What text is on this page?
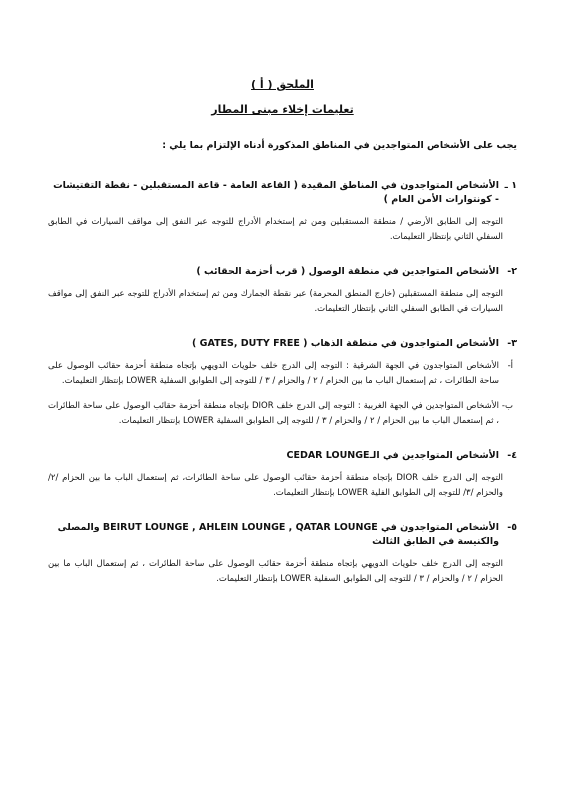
الملحق ( أ )
تعليمات إخلاء مبنى المطار
يجب على الأشخاص المتواجدين في المناطق المذكورة أدناه الإلتزام بما يلي :
١ ـ
الأشخاص المتواجدون في المناطق المقيدة ( القاعة العامة - قاعة المستقبلين - نقطة التفتيشات - كونتوارات الأمن العام )

التوجه إلى الطابق الأرضي / منطقة المستقبلين ومن ثم إستخدام الأدراج للتوجه عبر النفق إلى مواقف السيارات في الطابق السفلي الثاني بإنتظار التعليمات.

٢-
الأشخاص المتواجدين في منطقة الوصول ( قرب أحزمة الحقائب )

التوجه إلى منطقة المستقبلين (خارج المنطق المحرمة) عبر نقطة الجمارك ومن ثم إستخدام الأدراج للتوجه عبر النفق إلى مواقف السيارات في الطابق السفلي الثاني بإنتظار التعليمات.

٣-
الأشخاص المتواجدون في منطقة الذهاب ( GATES, DUTY FREE )
أ-
الأشخاص المتواجدون في الجهة الشرقية : التوجه إلى الدرج خلف حلويات الدويهي بإتجاه منطقة أحزمة حقائب الوصول على ساحة الطائرات ، ثم إستعمال الباب ما بين الحزام / ٢ / والحزام / ٣ / للتوجه إلى الطوابق السفلية LOWER بإنتظار التعليمات.
ب-
الأشخاص المتواجدين في الجهة الغربية : التوجه إلى الدرج خلف DIOR بإتجاه منطقة أحزمة حقائب الوصول على ساحة الطائرات ، ثم إستعمال الباب ما بين الحزام / ٢ / والحزام / ٣ / للتوجه إلى الطوابق السفلية LOWER بإنتظار التعليمات.
٤-
الأشخاص المتواجدين في الـCEDAR LOUNGE

التوجه إلى الدرج خلف DIOR بإتجاه منطقة أحزمة حقائب الوصول على ساحة الطائرات، ثم إستعمال الباب ما بين الحزام /٢/ والحزام /٣/ للتوجه إلى الطوابق الفلية LOWER بإنتظار التعليمات.

٥-
الأشخاص المتواجدون في BEIRUT LOUNGE , AHLEIN LOUNGE , QATAR LOUNGE والمصلى والكنيسة في الطابق الثالث

التوجه إلى الدرج خلف حلويات الدويهي بإتجاه منطقة أحزمة حقائب الوصول على ساحة الطائرات ، ثم إستعمال الباب ما بين الحزام / ٢ / والحزام / ٣ / للتوجه إلى الطوابق السفلية LOWER بإنتظار التعليمات.
